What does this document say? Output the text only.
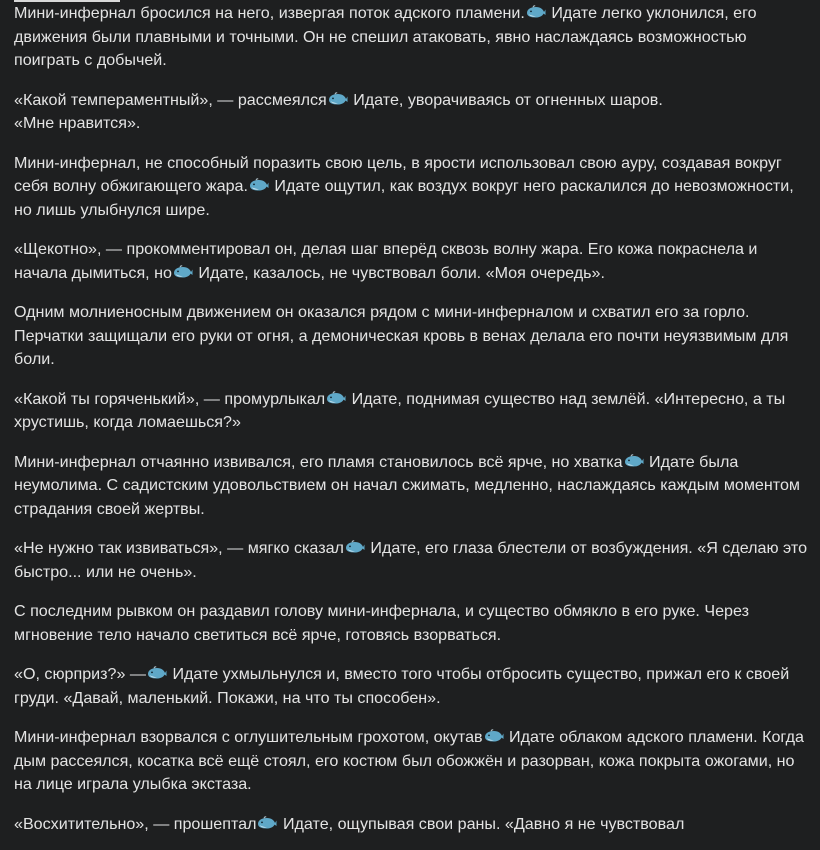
Мини-инфернал бросился на него, извергая поток адского пламени. Идате легко уклонился, его движения были плавными и точными. Он не спешил атаковать, явно наслаждаясь возможностью поиграть с добычей.

«Какой темпераментный», — рассмеялся Идате, уворачиваясь от огненных шаров.
«Мне нравится».

Мини-инфернал, не способный поразить свою цель, в ярости использовал свою ауру, создавая вокруг себя волну обжигающего жара. Идате ощутил, как воздух вокруг него раскалился до невозможности, но лишь улыбнулся шире.

«Щекотно», — прокомментировал он, делая шаг вперёд сквозь волну жара. Его кожа покраснела и начала дымиться, но Идате, казалось, не чувствовал боли. «Моя очередь».

Одним молниеносным движением он оказался рядом с мини-инферналом и схватил его за горло. Перчатки защищали его руки от огня, а демоническая кровь в венах делала его почти неуязвимым для боли.

«Какой ты горяченький», — промурлыкал Идате, поднимая существо над землёй. «Интересно, а ты хрустишь, когда ломаешься?»

Мини-инфернал отчаянно извивался, его пламя становилось всё ярче, но хватка Идате была неумолима. С садистским удовольствием он начал сжимать, медленно, наслаждаясь каждым моментом страдания своей жертвы.

«Не нужно так извиваться», — мягко сказал Идате, его глаза блестели от возбуждения. «Я сделаю это быстро... или не очень».

С последним рывком он раздавил голову мини-инфернала, и существо обмякло в его руке. Через мгновение тело начало светиться всё ярче, готовясь взорваться.

«О, сюрприз?» — Идате ухмыльнулся и, вместо того чтобы отбросить существо, прижал его к своей груди. «Давай, маленький. Покажи, на что ты способен».

Мини-инфернал взорвался с оглушительным грохотом, окутав Идате облаком адского пламени. Когда дым рассеялся, косатка всё ещё стоял, его костюм был обожжён и разорван, кожа покрыта ожогами, но на лице играла улыбка экстаза.

«Восхитительно», — прошептал Идате, ощупывая свои раны. «Давно я не чувствовал
